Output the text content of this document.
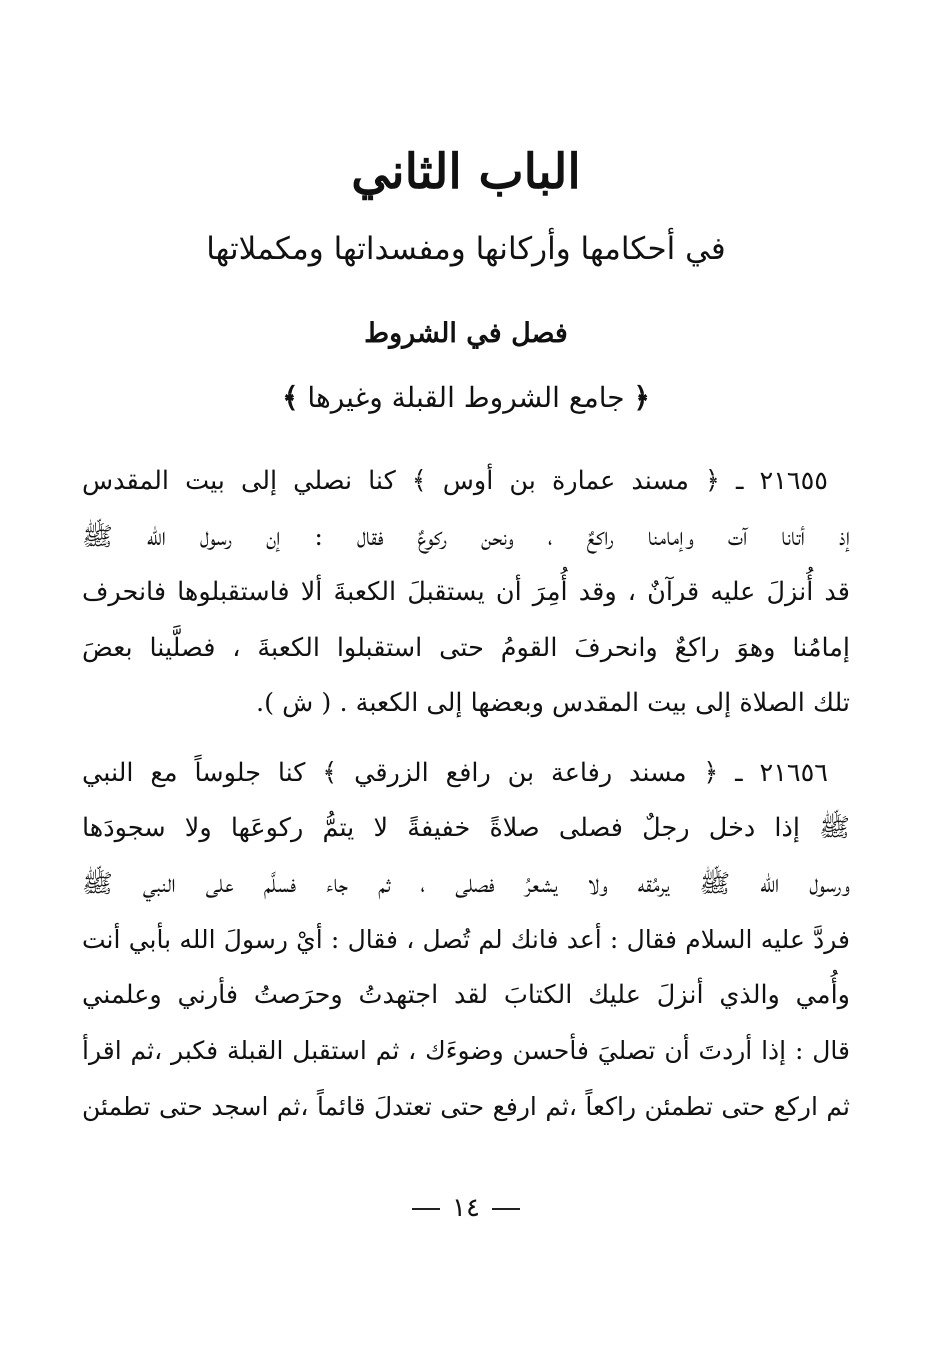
الباب الثاني
في أحكامها وأركانها ومفسداتها ومكملاتها
فصل في الشروط
﴿ جامع الشروط القبلة وغيرها ﴾
٢١٦٥٥ ـ ﴿ مسند عمارة بن أوس ﴾ كنا نصلي إلى بيت المقدس
إذ أتانا آت وإمامنا راكعٌ ، ونحن ركوعٌ فقال : إن رسول الله ﷺ
قد أُنزلَ عليه قرآنٌ ، وقد أُمِرَ أن يستقبلَ الكعبةَ ألا فاستقبلوها فانحرف
إمامُنا وهوَ راكعٌ وانحرفَ القومُ حتى استقبلوا الكعبةَ ، فصلَّينا بعضَ
تلك الصلاة إلى بيت المقدس وبعضها إلى الكعبة . ( ش ).
٢١٦٥٦ ـ ﴿ مسند رفاعة بن رافع الزرقي ﴾ كنا جلوساً مع النبي
ﷺ إذا دخل رجلٌ فصلى صلاةً خفيفةً لا يتمُّ ركوعَها ولا سجودَها
ورسول الله ﷺ يرمُقه ولا يشعرُ فصلى ، ثم جاء فسلَّم على النبي ﷺ
فردَّ عليه السلام فقال : أعد فانك لم تُصل ، فقال : أيْ رسولَ الله بأبي أنت
وأُمي والذي أنزلَ عليك الكتابَ لقد اجتهدتُ وحرَصتُ فأرني وعلمني
قال : إذا أردتَ أن تصليَ فأحسن وضوءَك ، ثم استقبل القبلة فكبر ،ثم اقرأ
ثم اركع حتى تطمئن راكعاً ،ثم ارفع حتى تعتدلَ قائماً ،ثم اسجد حتى تطمئن
١٤
